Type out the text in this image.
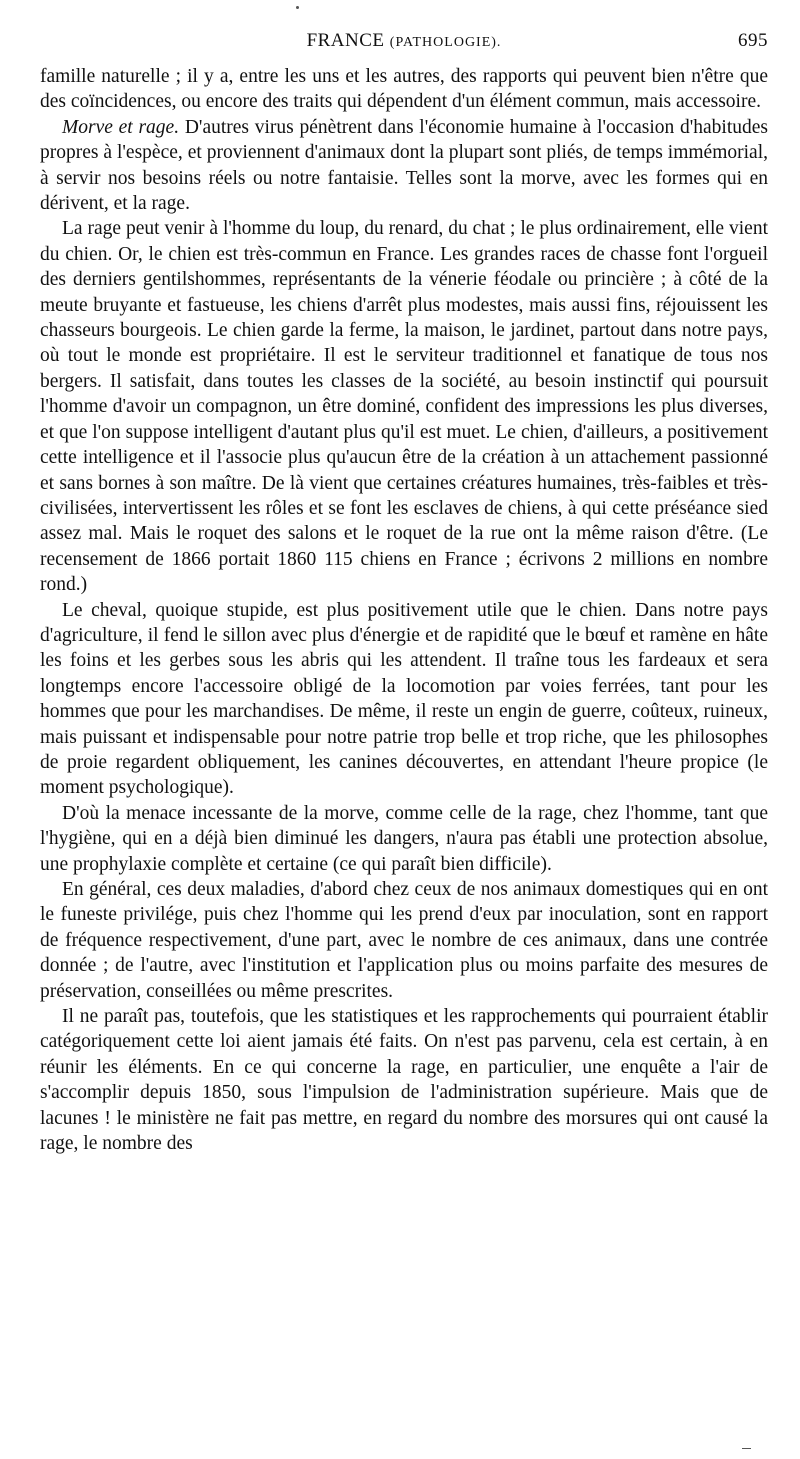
FRANCE (PATHOLOGIE).	695

famille naturelle ; il y a, entre les uns et les autres, des rapports qui peuvent bien n'être que des coïncidences, ou encore des traits qui dépendent d'un élément commun, mais accessoire.

Morve et rage. D'autres virus pénètrent dans l'économie humaine à l'occasion d'habitudes propres à l'espèce, et proviennent d'animaux dont la plupart sont pliés, de temps immémorial, à servir nos besoins réels ou notre fantaisie. Telles sont la morve, avec les formes qui en dérivent, et la rage.

La rage peut venir à l'homme du loup, du renard, du chat ; le plus ordinairement, elle vient du chien. Or, le chien est très-commun en France. Les grandes races de chasse font l'orgueil des derniers gentilshommes, représentants de la vénerie féodale ou princière ; à côté de la meute bruyante et fastueuse, les chiens d'arrêt plus modestes, mais aussi fins, réjouissent les chasseurs bourgeois. Le chien garde la ferme, la maison, le jardinet, partout dans notre pays, où tout le monde est propriétaire. Il est le serviteur traditionnel et fanatique de tous nos bergers. Il satisfait, dans toutes les classes de la société, au besoin instinctif qui poursuit l'homme d'avoir un compagnon, un être dominé, confident des impressions les plus diverses, et que l'on suppose intelligent d'autant plus qu'il est muet. Le chien, d'ailleurs, a positivement cette intelligence et il l'associe plus qu'aucun être de la création à un attachement passionné et sans bornes à son maître. De là vient que certaines créatures humaines, très-faibles et très-civilisées, intervertissent les rôles et se font les esclaves de chiens, à qui cette préséance sied assez mal. Mais le roquet des salons et le roquet de la rue ont la même raison d'être. (Le recensement de 1866 portait 1860 115 chiens en France ; écrivons 2 millions en nombre rond.)

Le cheval, quoique stupide, est plus positivement utile que le chien. Dans notre pays d'agriculture, il fend le sillon avec plus d'énergie et de rapidité que le bœuf et ramène en hâte les foins et les gerbes sous les abris qui les attendent. Il traîne tous les fardeaux et sera longtemps encore l'accessoire obligé de la locomotion par voies ferrées, tant pour les hommes que pour les marchandises. De même, il reste un engin de guerre, coûteux, ruineux, mais puissant et indispensable pour notre patrie trop belle et trop riche, que les philosophes de proie regardent obliquement, les canines découvertes, en attendant l'heure propice (le moment psychologique).

D'où la menace incessante de la morve, comme celle de la rage, chez l'homme, tant que l'hygiène, qui en a déjà bien diminué les dangers, n'aura pas établi une protection absolue, une prophylaxie complète et certaine (ce qui paraît bien difficile).

En général, ces deux maladies, d'abord chez ceux de nos animaux domestiques qui en ont le funeste privilége, puis chez l'homme qui les prend d'eux par inoculation, sont en rapport de fréquence respectivement, d'une part, avec le nombre de ces animaux, dans une contrée donnée ; de l'autre, avec l'institution et l'application plus ou moins parfaite des mesures de préservation, conseillées ou même prescrites.

Il ne paraît pas, toutefois, que les statistiques et les rapprochements qui pourraient établir catégoriquement cette loi aient jamais été faits. On n'est pas parvenu, cela est certain, à en réunir les éléments. En ce qui concerne la rage, en particulier, une enquête a l'air de s'accomplir depuis 1850, sous l'impulsion de l'administration supérieure. Mais que de lacunes ! le ministère ne fait pas mettre, en regard du nombre des morsures qui ont causé la rage, le nombre des
